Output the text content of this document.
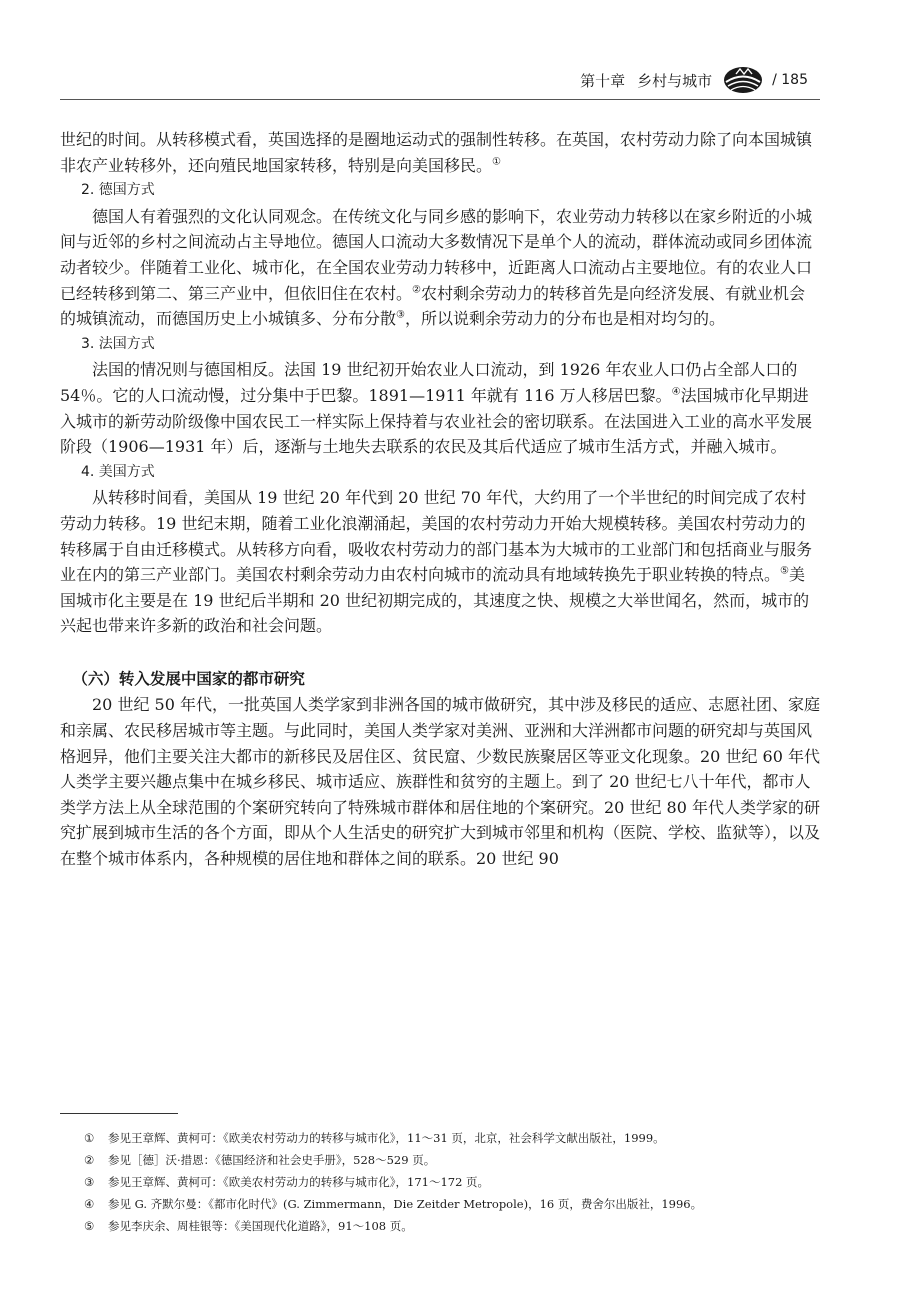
第十章 乡村与城市	/ 185

世纪的时间。从转移模式看，英国选择的是圈地运动式的强制性转移。在英国，农村劳动力除了向本国城镇非农产业转移外，还向殖民地国家转移，特别是向美国移民。①

2. 德国方式

德国人有着强烈的文化认同观念。在传统文化与同乡感的影响下，农业劳动力转移以在家乡附近的小城间与近邻的乡村之间流动占主导地位。德国人口流动大多数情况下是单个人的流动，群体流动或同乡团体流动者较少。伴随着工业化、城市化，在全国农业劳动力转移中，近距离人口流动占主要地位。有的农业人口已经转移到第二、第三产业中，但依旧住在农村。②农村剩余劳动力的转移首先是向经济发展、有就业机会的城镇流动，而德国历史上小城镇多、分布分散③，所以说剩余劳动力的分布也是相对均匀的。

3. 法国方式

法国的情况则与德国相反。法国 19 世纪初开始农业人口流动，到 1926 年农业人口仍占全部人口的 54％。它的人口流动慢，过分集中于巴黎。1891—1911 年就有 116 万人移居巴黎。④法国城市化早期进入城市的新劳动阶级像中国农民工一样实际上保持着与农业社会的密切联系。在法国进入工业的高水平发展阶段（1906—1931 年）后，逐渐与土地失去联系的农民及其后代适应了城市生活方式，并融入城市。

4. 美国方式

从转移时间看，美国从 19 世纪 20 年代到 20 世纪 70 年代，大约用了一个半世纪的时间完成了农村劳动力转移。19 世纪末期，随着工业化浪潮涌起，美国的农村劳动力开始大规模转移。美国农村劳动力的转移属于自由迁移模式。从转移方向看，吸收农村劳动力的部门基本为大城市的工业部门和包括商业与服务业在内的第三产业部门。美国农村剩余劳动力由农村向城市的流动具有地域转换先于职业转换的特点。⑤美国城市化主要是在 19 世纪后半期和 20 世纪初期完成的，其速度之快、规模之大举世闻名，然而，城市的兴起也带来许多新的政治和社会问题。

（六）转入发展中国家的都市研究

20 世纪 50 年代，一批英国人类学家到非洲各国的城市做研究，其中涉及移民的适应、志愿社团、家庭和亲属、农民移居城市等主题。与此同时，美国人类学家对美洲、亚洲和大洋洲都市问题的研究却与英国风格迥异，他们主要关注大都市的新移民及居住区、贫民窟、少数民族聚居区等亚文化现象。20 世纪 60 年代人类学主要兴趣点集中在城乡移民、城市适应、族群性和贫穷的主题上。到了 20 世纪七八十年代，都市人类学方法上从全球范围的个案研究转向了特殊城市群体和居住地的个案研究。20 世纪 80 年代人类学家的研究扩展到城市生活的各个方面，即从个人生活史的研究扩大到城市邻里和机构（医院、学校、监狱等），以及在整个城市体系内，各种规模的居住地和群体之间的联系。20 世纪 90

①	参见王章辉、黄柯可：《欧美农村劳动力的转移与城市化》，11～31 页，北京，社会科学文献出版社，1999。
②	参见［德］沃·措恩：《德国经济和社会史手册》，528～529 页。
③	参见王章辉、黄柯可：《欧美农村劳动力的转移与城市化》，171～172 页。
④	参见 G. 齐默尔曼：《都市化时代》(G. Zimmermann，Die Zeitder Metropole)，16 页，费舍尔出版社，1996。
⑤	参见李庆余、周桂银等：《美国现代化道路》，91～108 页。
